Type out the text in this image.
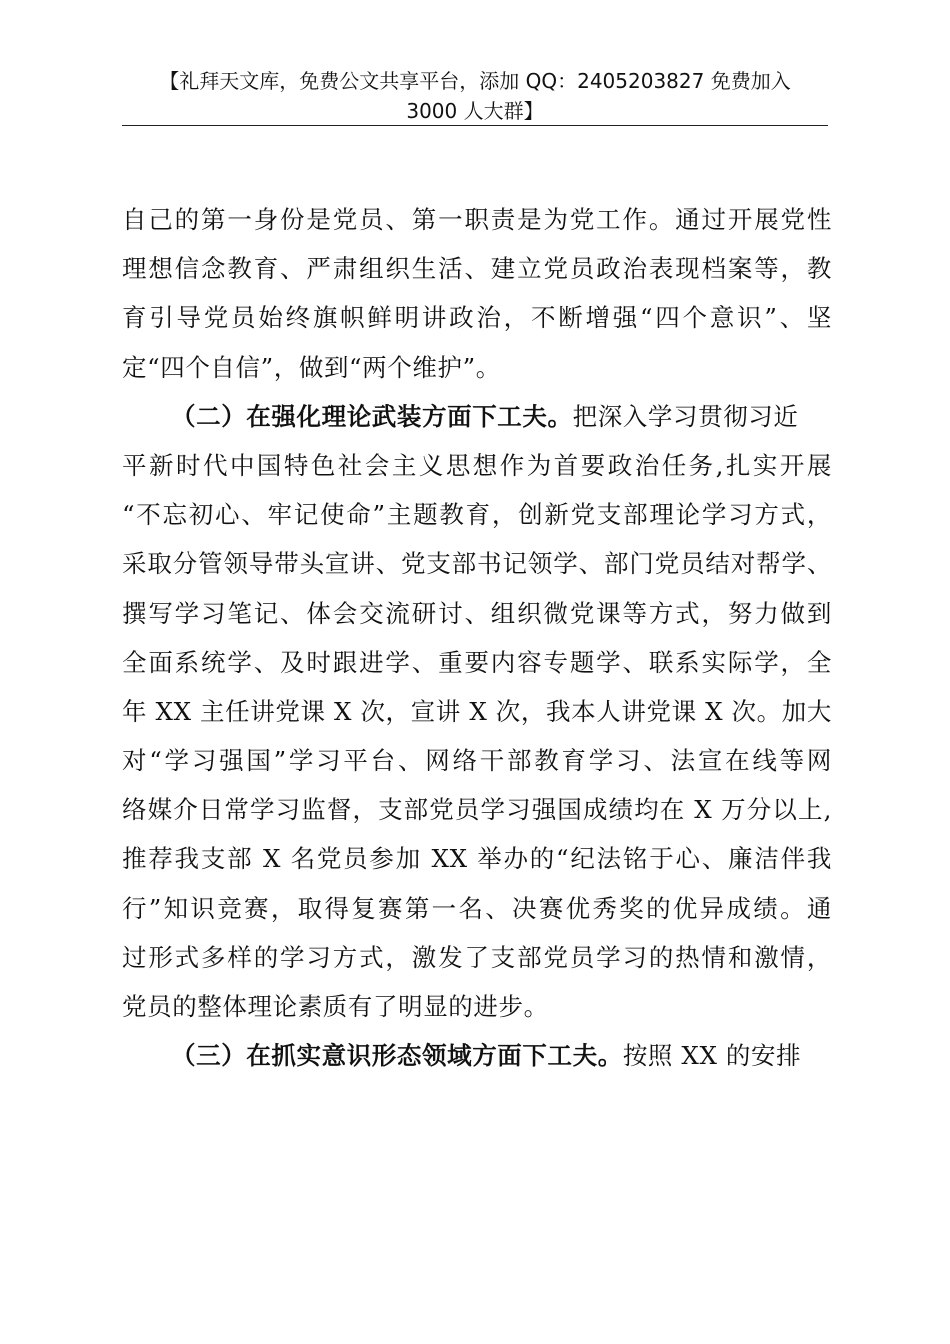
【礼拜天文库，免费公文共享平台，添加 QQ：2405203827 免费加入
3000 人大群】
自己的第一身份是党员、第一职责是为党工作。通过开展党性
理想信念教育、严肃组织生活、建立党员政治表现档案等，教
育引导党员始终旗帜鲜明讲政治，不断增强“四个意识”、坚
定“四个自信”，做到“两个维护”。
（二）在强化理论武装方面下工夫。把深入学习贯彻习近
平新时代中国特色社会主义思想作为首要政治任务,扎实开展
“不忘初心、牢记使命”主题教育，创新党支部理论学习方式，
采取分管领导带头宣讲、党支部书记领学、部门党员结对帮学、
撰写学习笔记、体会交流研讨、组织微党课等方式，努力做到
全面系统学、及时跟进学、重要内容专题学、联系实际学，全
年 XX 主任讲党课 X 次，宣讲 X 次，我本人讲党课 X 次。加大
对“学习强国”学习平台、网络干部教育学习、法宣在线等网
络媒介日常学习监督，支部党员学习强国成绩均在 X 万分以上,
推荐我支部 X 名党员参加 XX 举办的“纪法铭于心、廉洁伴我
行”知识竞赛，取得复赛第一名、决赛优秀奖的优异成绩。通
过形式多样的学习方式，激发了支部党员学习的热情和激情，
党员的整体理论素质有了明显的进步。
（三）在抓实意识形态领域方面下工夫。按照 XX 的安排
